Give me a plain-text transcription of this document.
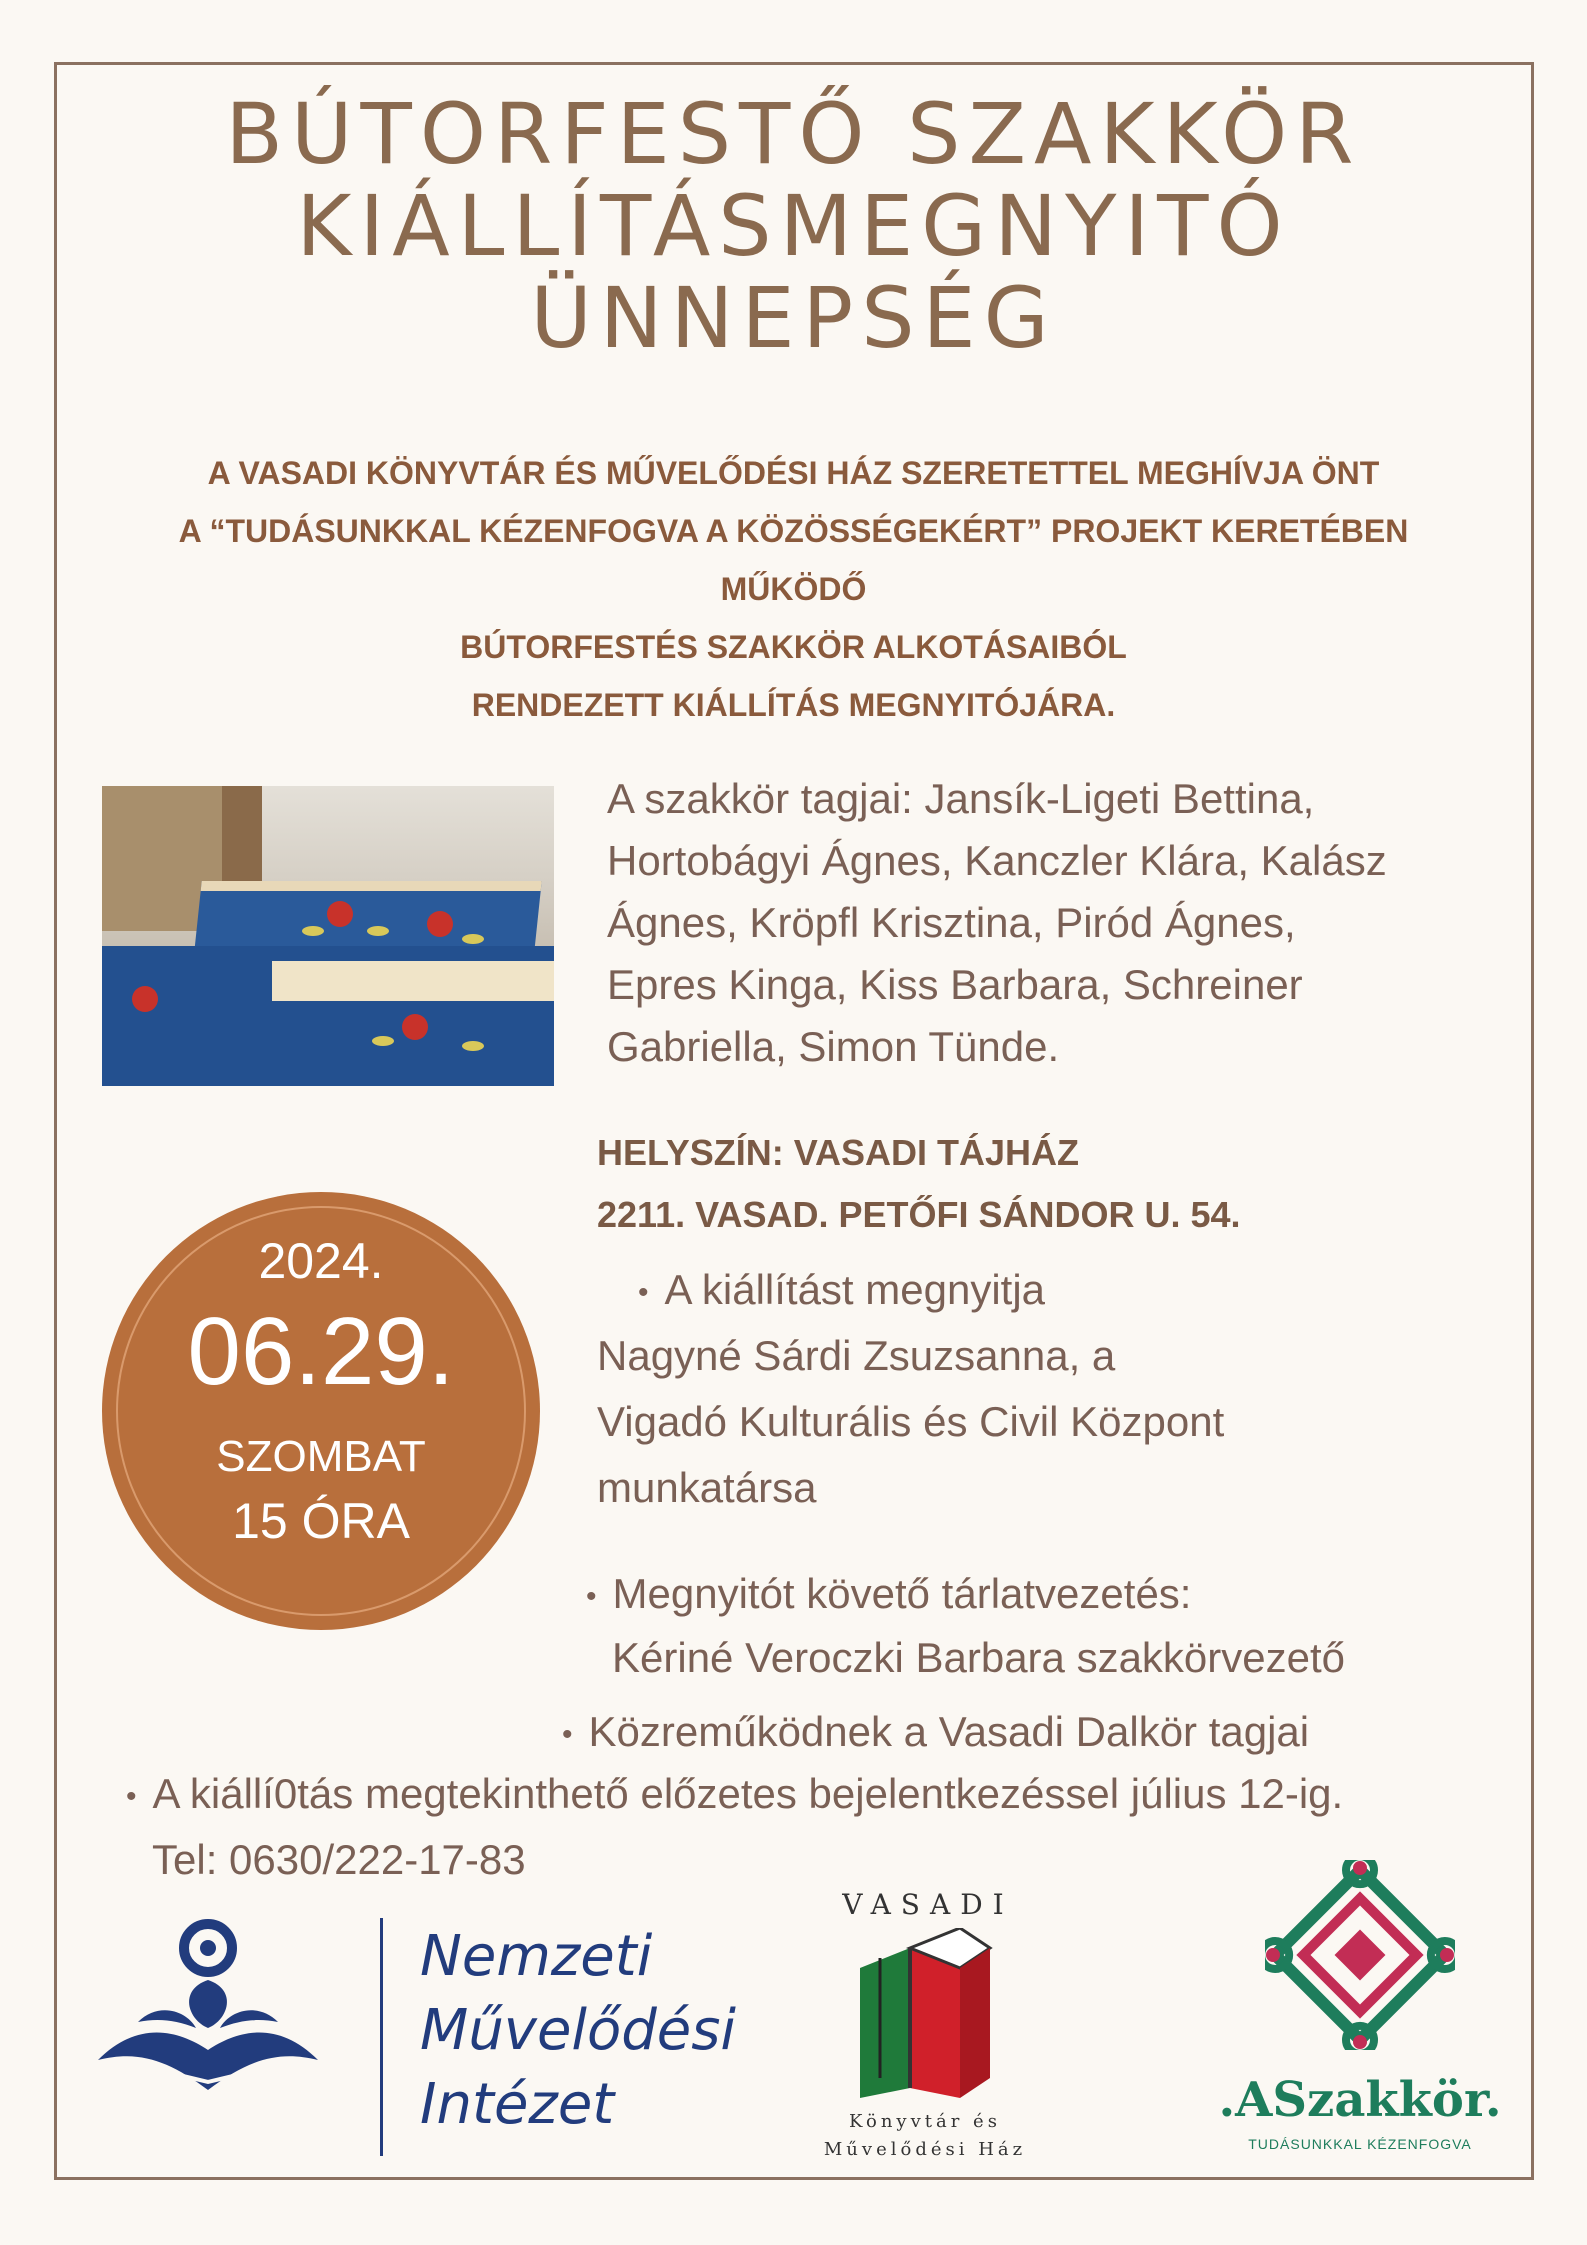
BÚTORFESTŐ SZAKKÖR
KIÁLLÍTÁSMEGNYITÓ
ÜNNEPSÉG
A VASADI KÖNYVTÁR ÉS MŰVELŐDÉSI HÁZ SZERETETTEL MEGHÍVJA ÖNT
A “TUDÁSUNKKAL KÉZENFOGVA A KÖZÖSSÉGEKÉRT” PROJEKT KERETÉBEN
MŰKÖDŐ
BÚTORFESTÉS SZAKKÖR ALKOTÁSAIBÓL
RENDEZETT KIÁLLÍTÁS MEGNYITÓJÁRA.
A szakkör tagjai: Jansík-Ligeti Bettina,
Hortobágyi Ágnes, Kanczler Klára, Kalász
Ágnes, Kröpfl Krisztina, Piród Ágnes,
Epres Kinga, Kiss Barbara, Schreiner
Gabriella, Simon Tünde.
HELYSZÍN: VASADI TÁJHÁZ
2211. VASAD. PETŐFI SÁNDOR U. 54.
2024.
06.29.
SZOMBAT
15 ÓRA
• A kiállítást megnyitja
Nagyné Sárdi Zsuzsanna, a
Vigadó Kulturális és Civil Központ
munkatársa
• Megnyitót követő tárlatvezetés:
Kériné Veroczki Barbara szakkörvezető
• Közreműködnek a Vasadi Dalkör tagjai
• A kiállí0tás megtekinthető előzetes bejelentkezéssel július 12-ig.
Tel: 0630/222-17-83
Nemzeti
Művelődési
Intézet
VASADI
Könyvtár és
Művelődési Ház
.ASzakkör.
TUDÁSUNKKAL KÉZENFOGVA
